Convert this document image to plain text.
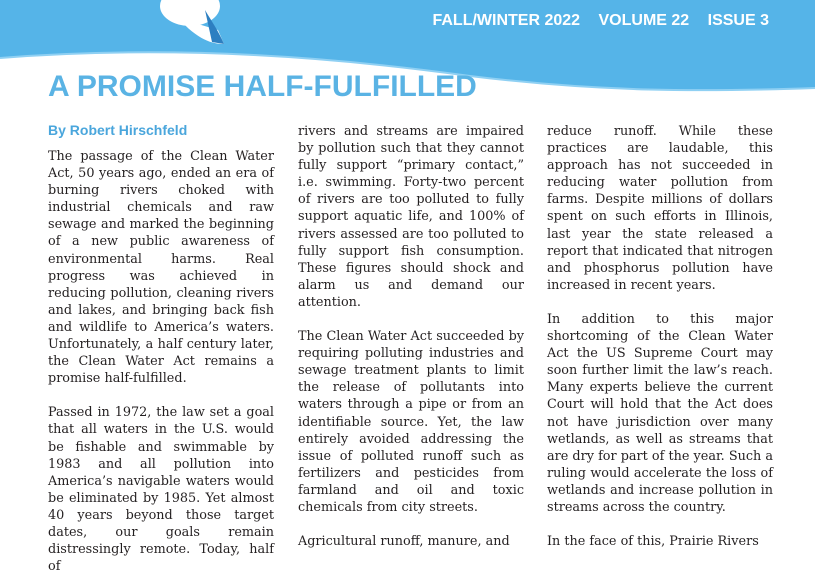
FALL/WINTER 2022 VOLUME 22 ISSUE 3
A PROMISE HALF-FULFILLED
By Robert Hirschfeld

The passage of the Clean Water Act, 50 years ago, ended an era of burning rivers choked with industrial chemicals and raw sewage and marked the beginning of a new public awareness of environmental harms. Real progress was achieved in reducing pollution, cleaning rivers and lakes, and bringing back fish and wildlife to America’s waters. Unfortunately, a half century later, the Clean Water Act remains a promise half-fulfilled.

Passed in 1972, the law set a goal that all waters in the U.S. would be fishable and swimmable by 1983 and all pollution into America’s navigable waters would be eliminated by 1985. Yet almost 40 years beyond those target dates, our goals remain distressingly remote. Today, half of

rivers and streams are impaired by pollution such that they cannot fully support “primary contact,” i.e. swimming. Forty-two percent of rivers are too polluted to fully support aquatic life, and 100% of rivers assessed are too polluted to fully support fish consumption. These figures should shock and alarm us and demand our attention.

The Clean Water Act succeeded by requiring polluting industries and sewage treatment plants to limit the release of pollutants into waters through a pipe or from an identifiable source. Yet, the law entirely avoided addressing the issue of polluted runoff such as fertilizers and pesticides from farmland and oil and toxic chemicals from city streets.

Agricultural runoff, manure, and

reduce runoff. While these practices are laudable, this approach has not succeeded in reducing water pollution from farms. Despite millions of dollars spent on such efforts in Illinois, last year the state released a report that indicated that nitrogen and phosphorus pollution have increased in recent years.

In addition to this major shortcoming of the Clean Water Act the US Supreme Court may soon further limit the law’s reach. Many experts believe the current Court will hold that the Act does not have jurisdiction over many wetlands, as well as streams that are dry for part of the year. Such a ruling would accelerate the loss of wetlands and increase pollution in streams across the country.

In the face of this, Prairie Rivers
